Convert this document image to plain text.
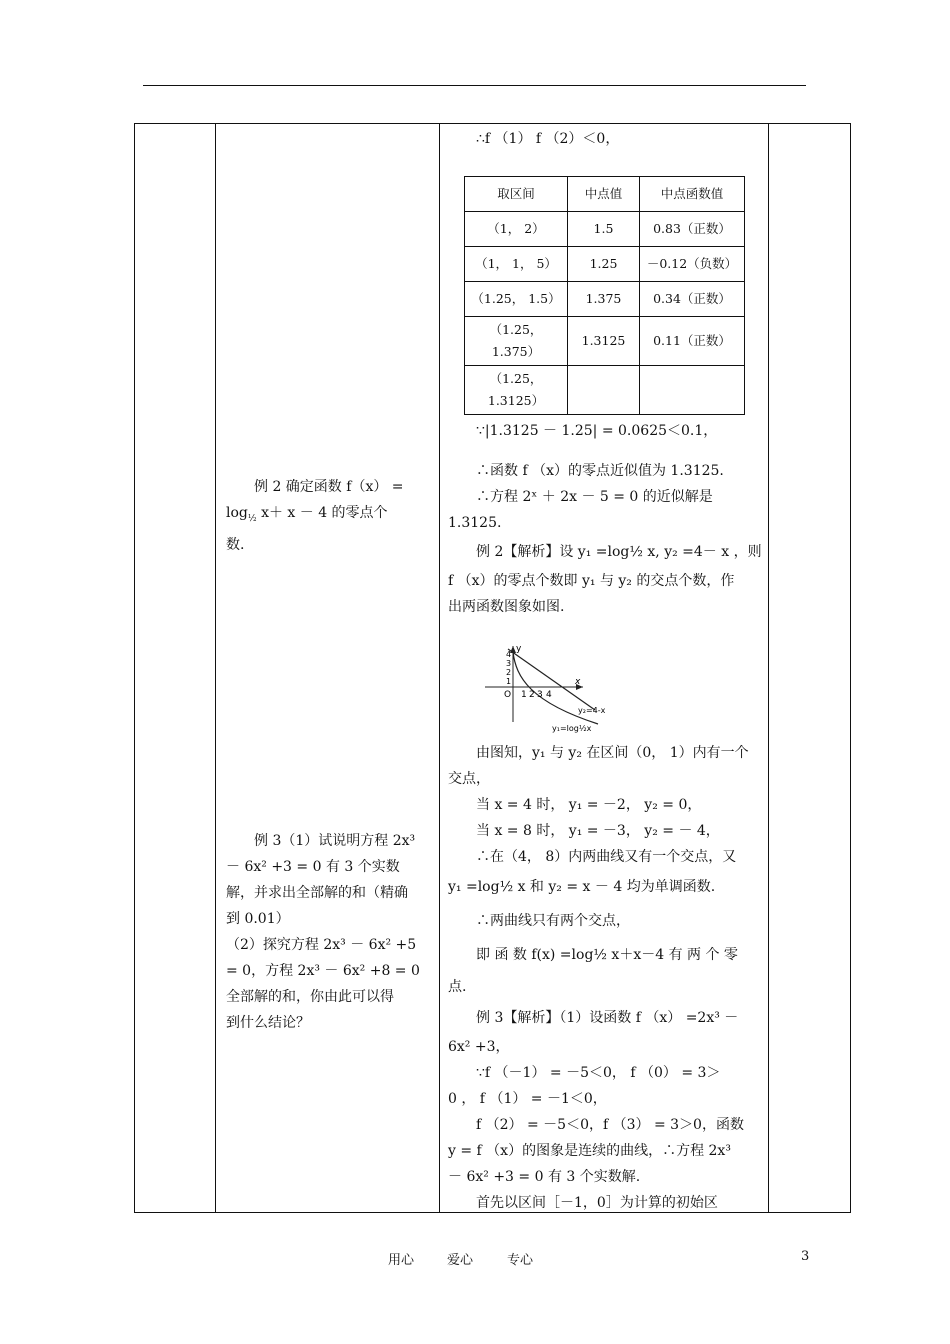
例 2 确定函数 f（x） =

$\log_{\frac{1}{2}} x+ x - 4$ 的零点个

数.

例 3（1）试说明方程 2x³

－ 6x² +3 = 0 有 3 个实数

解，并求出全部解的和（精确

到 0.01）

（2）探究方程 2x³ － 6x² +5

= 0，方程 2x³ － 6x² +8 = 0

全部解的和，你由此可以得

到什么结论？

∴f （1） f （2）＜0，

取区间	中点值	中点函数值
（1， 2）	1.5	0.83（正数）
（1， 1， 5）	1.25	－0.12（负数）
（1.25， 1.5）	1.375	0.34（正数）
（1.25，
1.375）	1.3125	0.11（正数）
（1.25，
1.3125）		

∵|1.3125 － 1.25| = 0.0625＜0.1，

∴函数 f （x）的零点近似值为 1.3125.

∴方程 2ˣ ＋ 2x － 5 = 0 的近似解是

1.3125.

例 2【解析】设 y₁ =log½ x, y₂ =4－ x ，则

f （x）的零点个数即 y₁ 与 y₂ 的交点个数，作

出两函数图象如图.

y
4
3
2
1
O 1 2 3 4
x
y₂=4-x
y₁=log½x

由图知，y₁ 与 y₂ 在区间（0， 1）内有一个

交点，

当 x = 4 时， y₁ = －2， y₂ = 0，

当 x = 8 时， y₁ = －3， y₂ = － 4，

∴在（4， 8）内两曲线又有一个交点，又

y₁ =log½ x 和 y₂ = x － 4 均为单调函数.

∴两曲线只有两个交点，

即 函 数 f(x) =log½ x＋x－4 有 两 个 零

点.

例 3【解析】（1）设函数 f （x） =2x³ －

6x² +3，

∵f （－1） = －5＜0， f （0） = 3＞

0 ， f （1） = －1＜0，

f （2） = －5＜0，f （3） = 3＞0，函数

y = f （x）的图象是连续的曲线，∴方程 2x³

－ 6x² +3 = 0 有 3 个实数解.

首先以区间［－1，0］为计算的初始区

用心	爱心	专心	3
